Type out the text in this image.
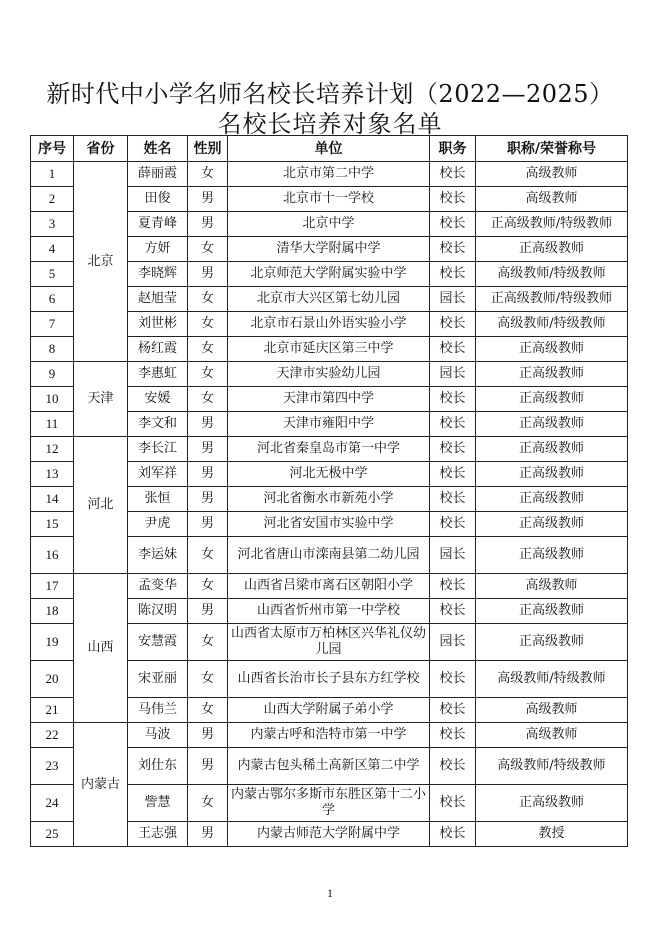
新时代中小学名师名校长培养计划（2022—2025）
名校长培养对象名单
序号	省份	姓名	性别	单位	职务	职称/荣誉称号
1	北京	薛丽霞	女	北京市第二中学	校长	高级教师
2		田俊	男	北京市十一学校	校长	高级教师
3		夏青峰	男	北京中学	校长	正高级教师/特级教师
4		方妍	女	清华大学附属中学	校长	正高级教师
5		李晓辉	男	北京师范大学附属实验中学	校长	高级教师/特级教师
6		赵旭莹	女	北京市大兴区第七幼儿园	园长	正高级教师/特级教师
7		刘世彬	女	北京市石景山外语实验小学	校长	高级教师/特级教师
8		杨红霞	女	北京市延庆区第三中学	校长	正高级教师
9	天津	李惠虹	女	天津市实验幼儿园	园长	正高级教师
10		安媛	女	天津市第四中学	校长	正高级教师
11		李文和	男	天津市雍阳中学	校长	正高级教师
12	河北	李长江	男	河北省秦皇岛市第一中学	校长	正高级教师
13		刘军祥	男	河北无极中学	校长	正高级教师
14		张恒	男	河北省衡水市新苑小学	校长	正高级教师
15		尹虎	男	河北省安国市实验中学	校长	正高级教师
16		李运妹	女	河北省唐山市滦南县第二幼儿园	园长	正高级教师
17	山西	孟变华	女	山西省吕梁市离石区朝阳小学	校长	高级教师
18		陈汉明	男	山西省忻州市第一中学校	校长	正高级教师
19		安慧霞	女	山西省太原市万柏林区兴华礼仪幼儿园	园长	正高级教师
20		宋亚丽	女	山西省长治市长子县东方红学校	校长	高级教师/特级教师
21		马伟兰	女	山西大学附属子弟小学	校长	高级教师
22	内蒙古	马波	男	内蒙古呼和浩特市第一中学	校长	高级教师
23		刘仕东	男	内蒙古包头稀土高新区第二中学	校长	高级教师/特级教师
24		訾慧	女	内蒙古鄂尔多斯市东胜区第十二小学	校长	正高级教师
25		王志强	男	内蒙古师范大学附属中学	校长	教授
1
